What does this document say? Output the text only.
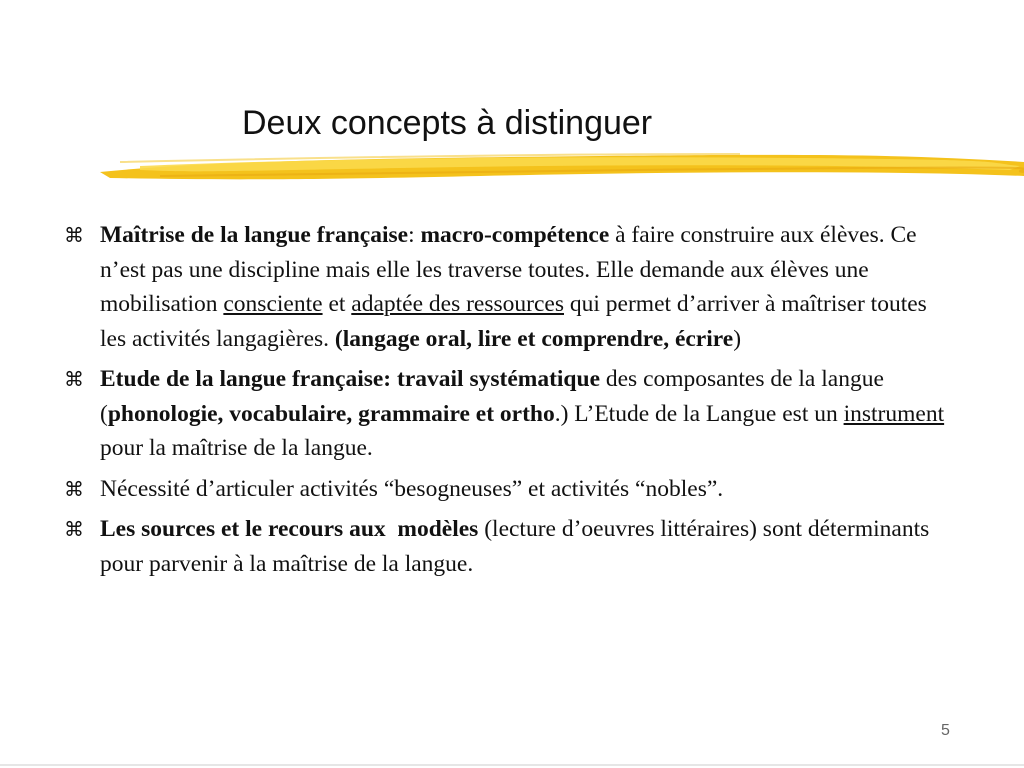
Deux concepts à distinguer
⌘ Maîtrise de la langue française: macro-compétence à faire construire aux élèves. Ce n’est pas une discipline mais elle les traverse toutes. Elle demande aux élèves une mobilisation consciente et adaptée des ressources qui permet d’arriver à maîtriser toutes les activités langagières. (langage oral, lire et comprendre, écrire)
⌘ Etude de la langue française: travail systématique des composantes de la langue (phonologie, vocabulaire, grammaire et ortho.) L’Etude de la Langue est un instrument pour la maîtrise de la langue.
⌘ Nécessité d’articuler activités “besogneuses” et activités “nobles”.
⌘ Les sources et le recours aux  modèles (lecture d’oeuvres littéraires) sont déterminants pour parvenir à la maîtrise de la langue.
5
